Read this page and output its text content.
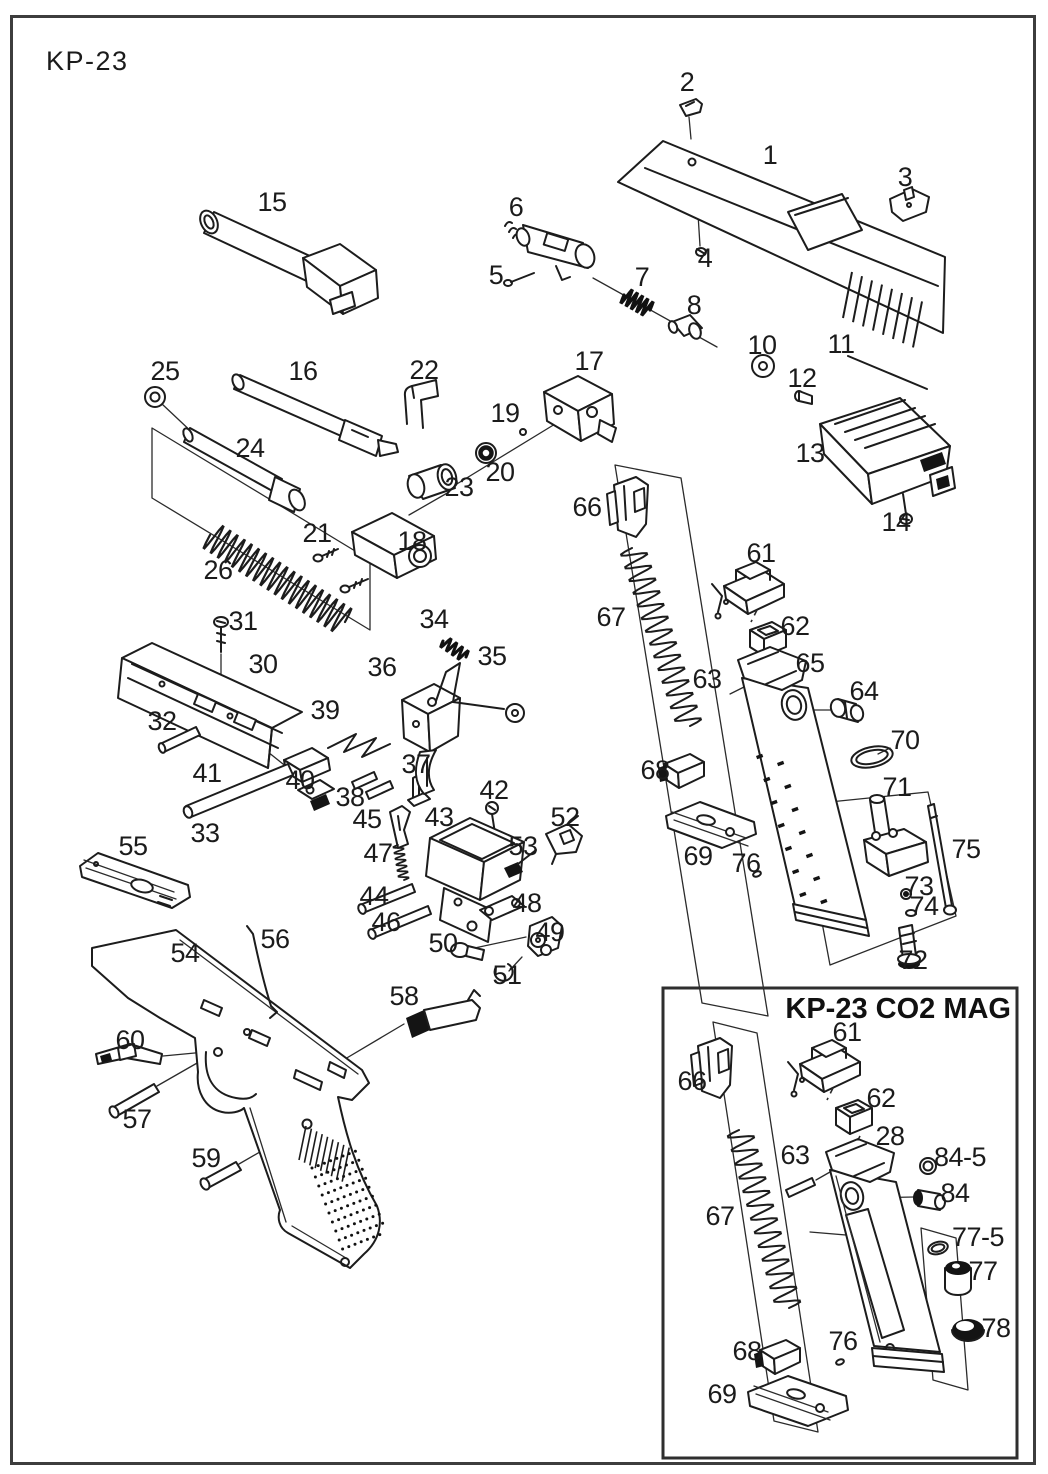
KP-23
KP-23 CO2 MAG
1
2
3
4
5
6
7
8
10 11
12
13
14
15
16	17
18
19
20
21
22
23
24
25
26
30
31
32
33
34
35
36
37
38
39
40
41
42
43
44
45
46
47
48
49
50
51
52
53
54
55
56
57
58
59
60
61
62
63	64
65
66
67
68
69
70
71
72
73
74
75
76
61
66
62
28
63	84-5
84
67
77-5
77
78
68 76
69
